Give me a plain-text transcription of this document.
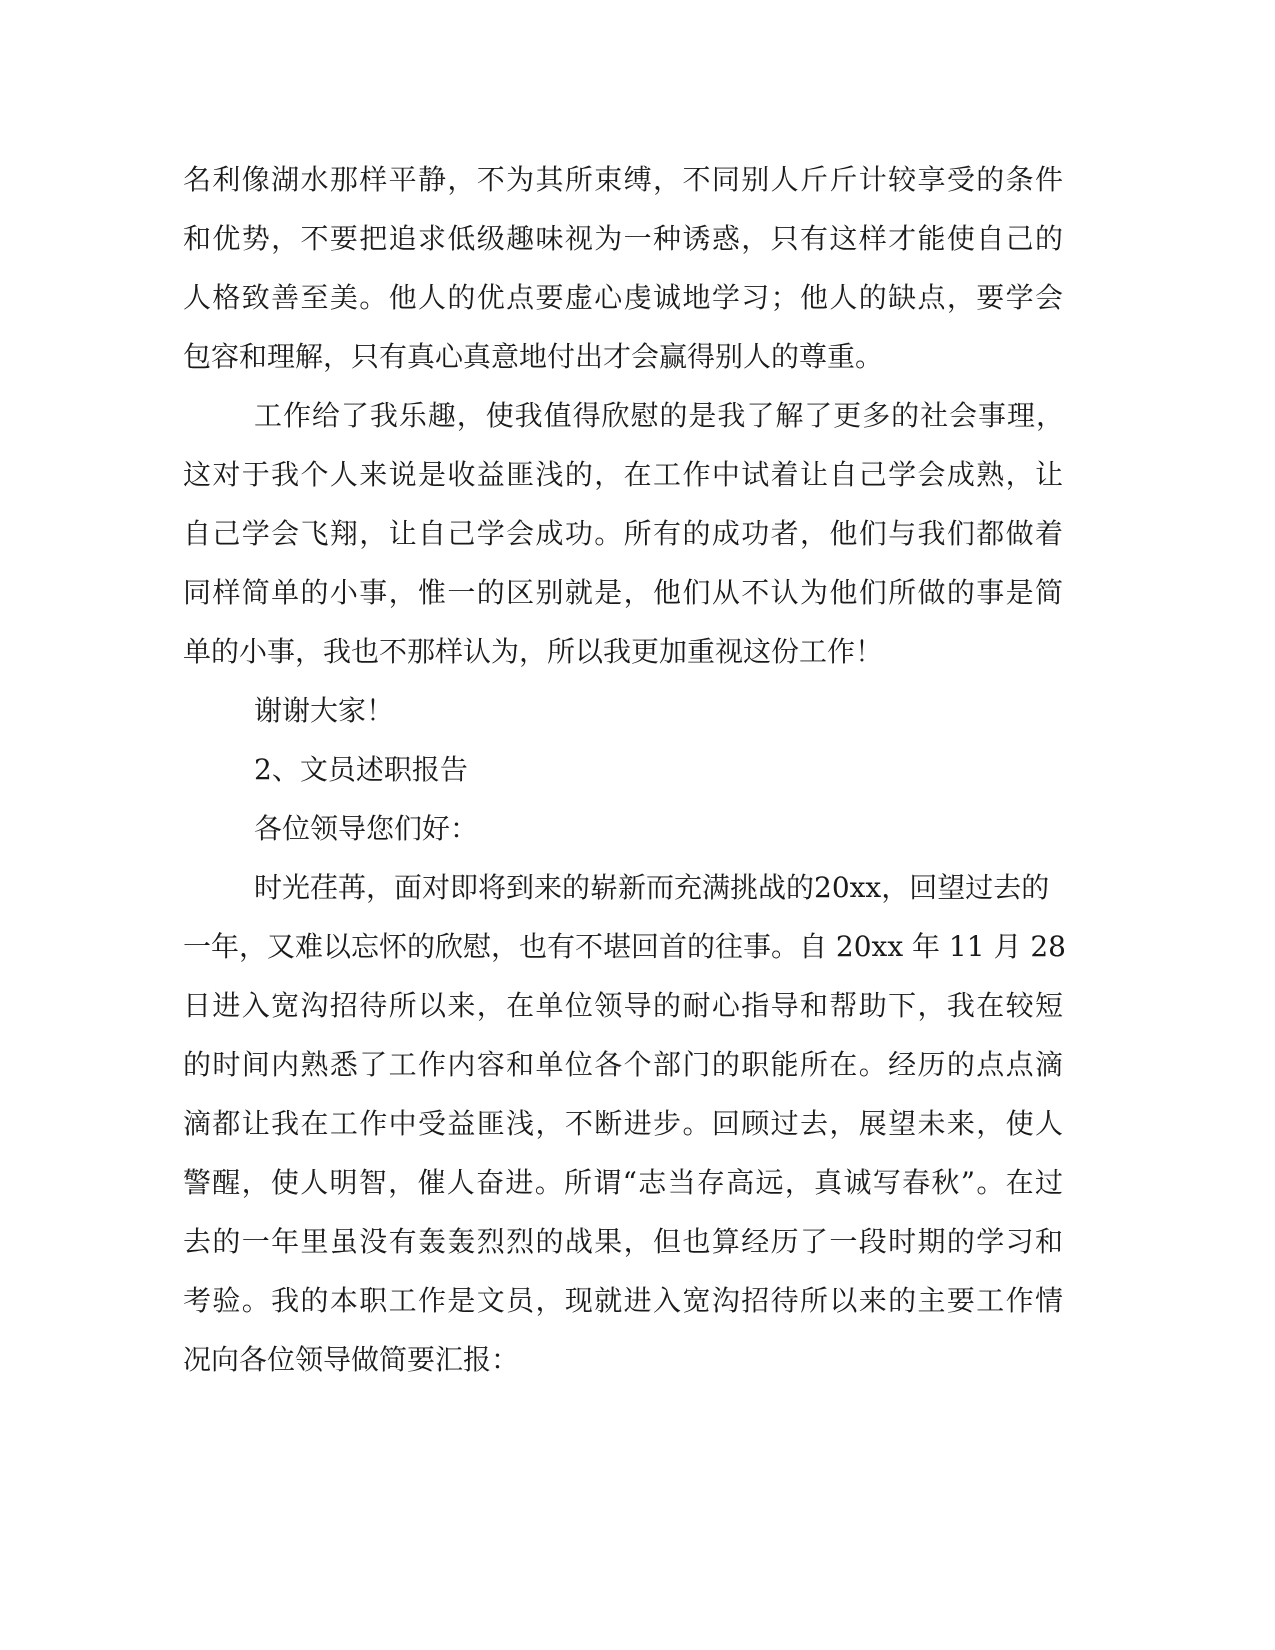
名利像湖水那样平静，不为其所束缚，不同别人斤斤计较享受的条件
和优势，不要把追求低级趣味视为一种诱惑，只有这样才能使自己的
人格致善至美。他人的优点要虚心虔诚地学习；他人的缺点，要学会
包容和理解，只有真心真意地付出才会赢得别人的尊重。
工作给了我乐趣，使我值得欣慰的是我了解了更多的社会事理，
这对于我个人来说是收益匪浅的，在工作中试着让自己学会成熟，让
自己学会飞翔，让自己学会成功。所有的成功者，他们与我们都做着
同样简单的小事，惟一的区别就是，他们从不认为他们所做的事是简
单的小事，我也不那样认为，所以我更加重视这份工作！
谢谢大家！
2、文员述职报告
各位领导您们好：
时光荏苒，面对即将到来的崭新而充满挑战的20xx，回望过去的
一年，又难以忘怀的欣慰，也有不堪回首的往事。自 20xx 年 11 月 28
日进入宽沟招待所以来，在单位领导的耐心指导和帮助下，我在较短
的时间内熟悉了工作内容和单位各个部门的职能所在。经历的点点滴
滴都让我在工作中受益匪浅，不断进步。回顾过去，展望未来，使人
警醒，使人明智，催人奋进。所谓“志当存高远，真诚写春秋”。在过
去的一年里虽没有轰轰烈烈的战果，但也算经历了一段时期的学习和
考验。我的本职工作是文员，现就进入宽沟招待所以来的主要工作情
况向各位领导做简要汇报：
